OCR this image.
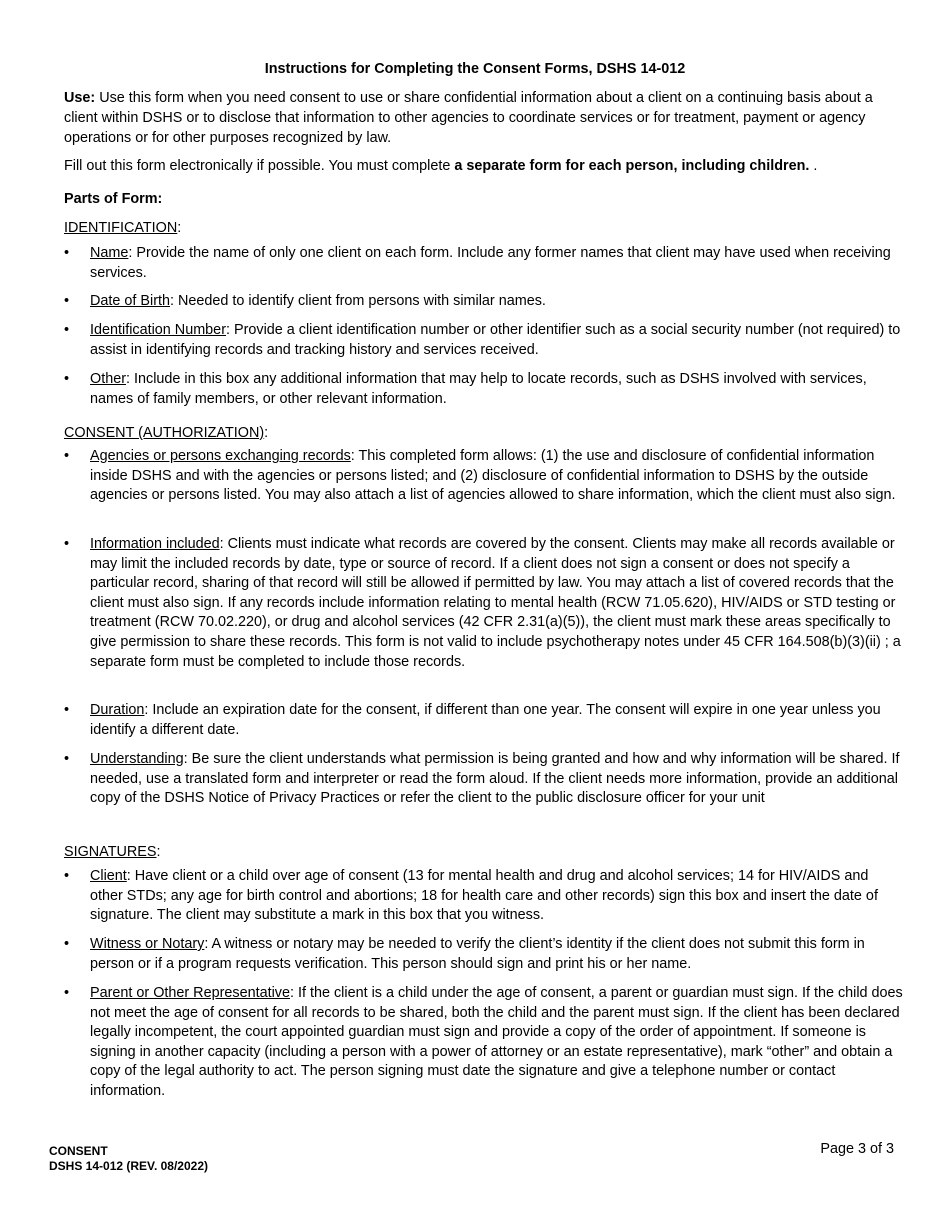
Instructions for Completing the Consent Forms, DSHS 14-012
Use: Use this form when you need consent to use or share confidential information about a client on a continuing basis about a client within DSHS or to disclose that information to other agencies to coordinate services or for treatment, payment or agency operations or for other purposes recognized by law.
Fill out this form electronically if possible. You must complete a separate form for each person, including children. .
Parts of Form:
IDENTIFICATION:
• Name: Provide the name of only one client on each form. Include any former names that client may have used when receiving services.
• Date of Birth: Needed to identify client from persons with similar names.
• Identification Number: Provide a client identification number or other identifier such as a social security number (not required) to assist in identifying records and tracking history and services received.
• Other: Include in this box any additional information that may help to locate records, such as DSHS involved with services, names of family members, or other relevant information.
CONSENT (AUTHORIZATION):
• Agencies or persons exchanging records: This completed form allows: (1) the use and disclosure of confidential information inside DSHS and with the agencies or persons listed; and (2) disclosure of confidential information to DSHS by the outside agencies or persons listed. You may also attach a list of agencies allowed to share information, which the client must also sign.
• Information included: Clients must indicate what records are covered by the consent. Clients may make all records available or may limit the included records by date, type or source of record. If a client does not sign a consent or does not specify a particular record, sharing of that record will still be allowed if permitted by law. You may attach a list of covered records that the client must also sign. If any records include information relating to mental health (RCW 71.05.620), HIV/AIDS or STD testing or treatment (RCW 70.02.220), or drug and alcohol services (42 CFR 2.31(a)(5)), the client must mark these areas specifically to give permission to share these records. This form is not valid to include psychotherapy notes under 45 CFR 164.508(b)(3)(ii) ; a separate form must be completed to include those records.
• Duration: Include an expiration date for the consent, if different than one year. The consent will expire in one year unless you identify a different date.
• Understanding: Be sure the client understands what permission is being granted and how and why information will be shared. If needed, use a translated form and interpreter or read the form aloud. If the client needs more information, provide an additional copy of the DSHS Notice of Privacy Practices or refer the client to the public disclosure officer for your unit
SIGNATURES:
• Client: Have client or a child over age of consent (13 for mental health and drug and alcohol services; 14 for HIV/AIDS and other STDs; any age for birth control and abortions; 18 for health care and other records) sign this box and insert the date of signature. The client may substitute a mark in this box that you witness.
• Witness or Notary: A witness or notary may be needed to verify the client’s identity if the client does not submit this form in person or if a program requests verification. This person should sign and print his or her name.
• Parent or Other Representative: If the client is a child under the age of consent, a parent or guardian must sign. If the child does not meet the age of consent for all records to be shared, both the child and the parent must sign. If the client has been declared legally incompetent, the court appointed guardian must sign and provide a copy of the order of appointment. If someone is signing in another capacity (including a person with a power of attorney or an estate representative), mark “other” and obtain a copy of the legal authority to act. The person signing must date the signature and give a telephone number or contact information.
CONSENT
DSHS 14-012 (REV. 08/2022)
Page 3 of 3
